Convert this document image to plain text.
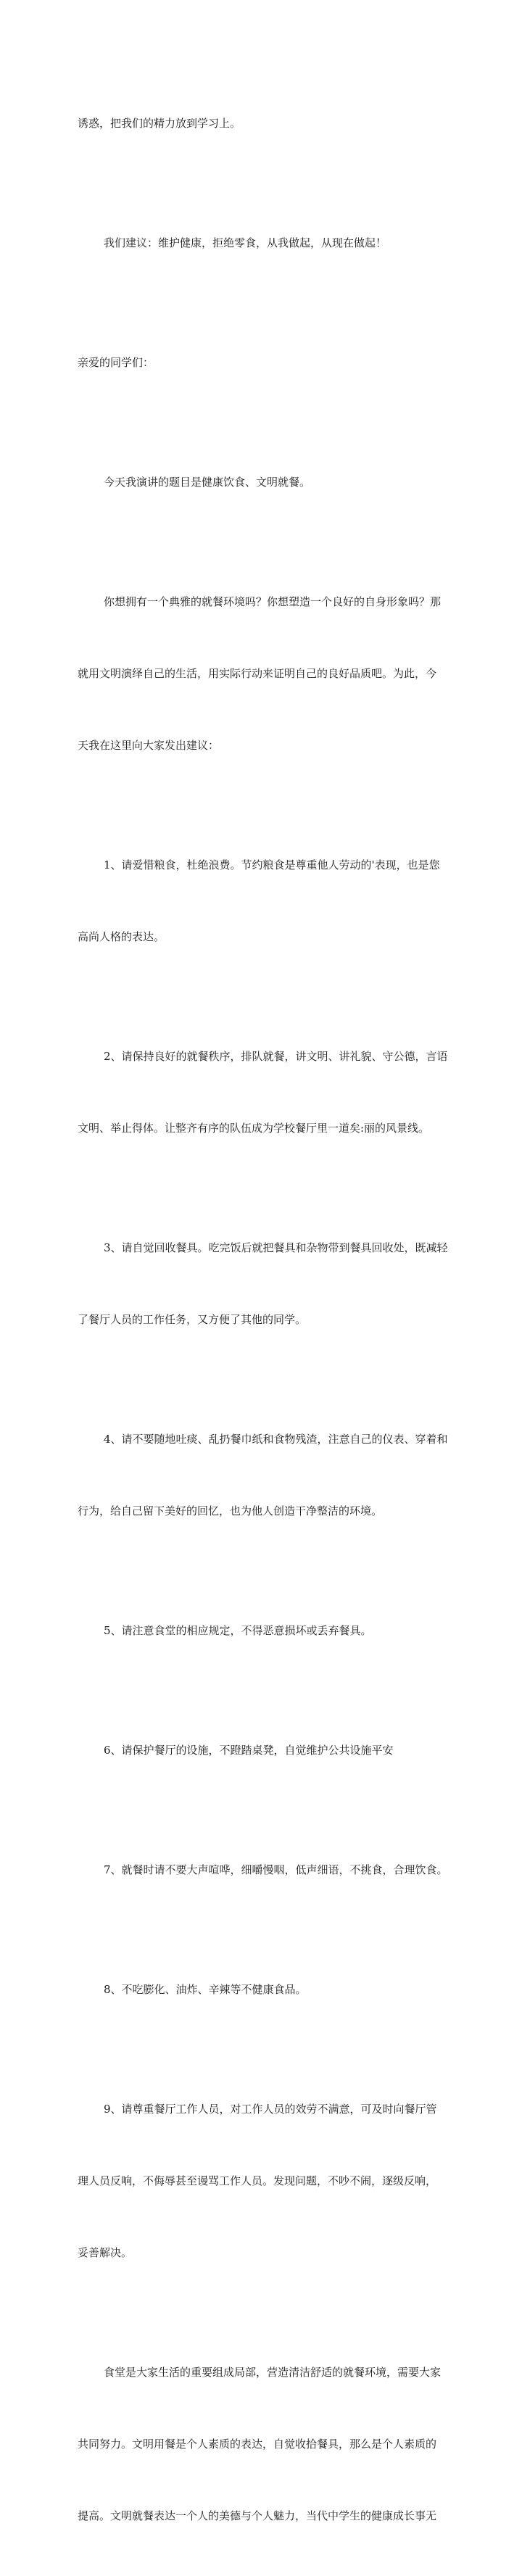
诱惑，把我们的精力放到学习上。

我们建议：维护健康，拒绝零食，从我做起，从现在做起！

亲爱的同学们：

今天我演讲的题目是健康饮食、文明就餐。

你想拥有一个典雅的就餐环境吗？你想塑造一个良好的自身形象吗？那

就用文明演绎自己的生活，用实际行动来证明自己的良好品质吧。为此，今

天我在这里向大家发出建议：

1、请爱惜粮食，杜绝浪费。节约粮食是尊重他人劳动的'表现，也是您

高尚人格的表达。

2、请保持良好的就餐秩序，排队就餐，讲文明、讲礼貌、守公德，言语

文明、举止得体。让整齐有序的队伍成为学校餐厅里一道矣:丽的风景线。

3、请自觉回收餐具。吃完饭后就把餐具和杂物带到餐具回收处，既减轻

了餐厅人员的工作任务，又方便了其他的同学。

4、请不要随地吐痰、乱扔餐巾纸和食物残渣，注意自己的仪表、穿着和

行为，给自己留下美好的回忆，也为他人创造干净整洁的环境。

5、请注意食堂的相应规定，不得恶意损坏或丢弃餐具。

6、请保护餐厅的设施，不蹬踏桌凳，自觉维护公共设施平安

7、就餐时请不要大声喧哗，细嚼慢咽，低声细语，不挑食，合理饮食。

8、不吃膨化、油炸、辛辣等不健康食品。

9、请尊重餐厅工作人员，对工作人员的效劳不满意，可及时向餐厅管

理人员反响，不侮辱甚至谩骂工作人员。发现问题，不吵不闹，逐级反响，

妥善解决。

食堂是大家生活的重要组成局部，营造清洁舒适的就餐环境，需要大家

共同努力。文明用餐是个人素质的表达，自觉收拾餐具，那么是个人素质的

提高。文明就餐表达一个人的美德与个人魅力，当代中学生的健康成长事无
